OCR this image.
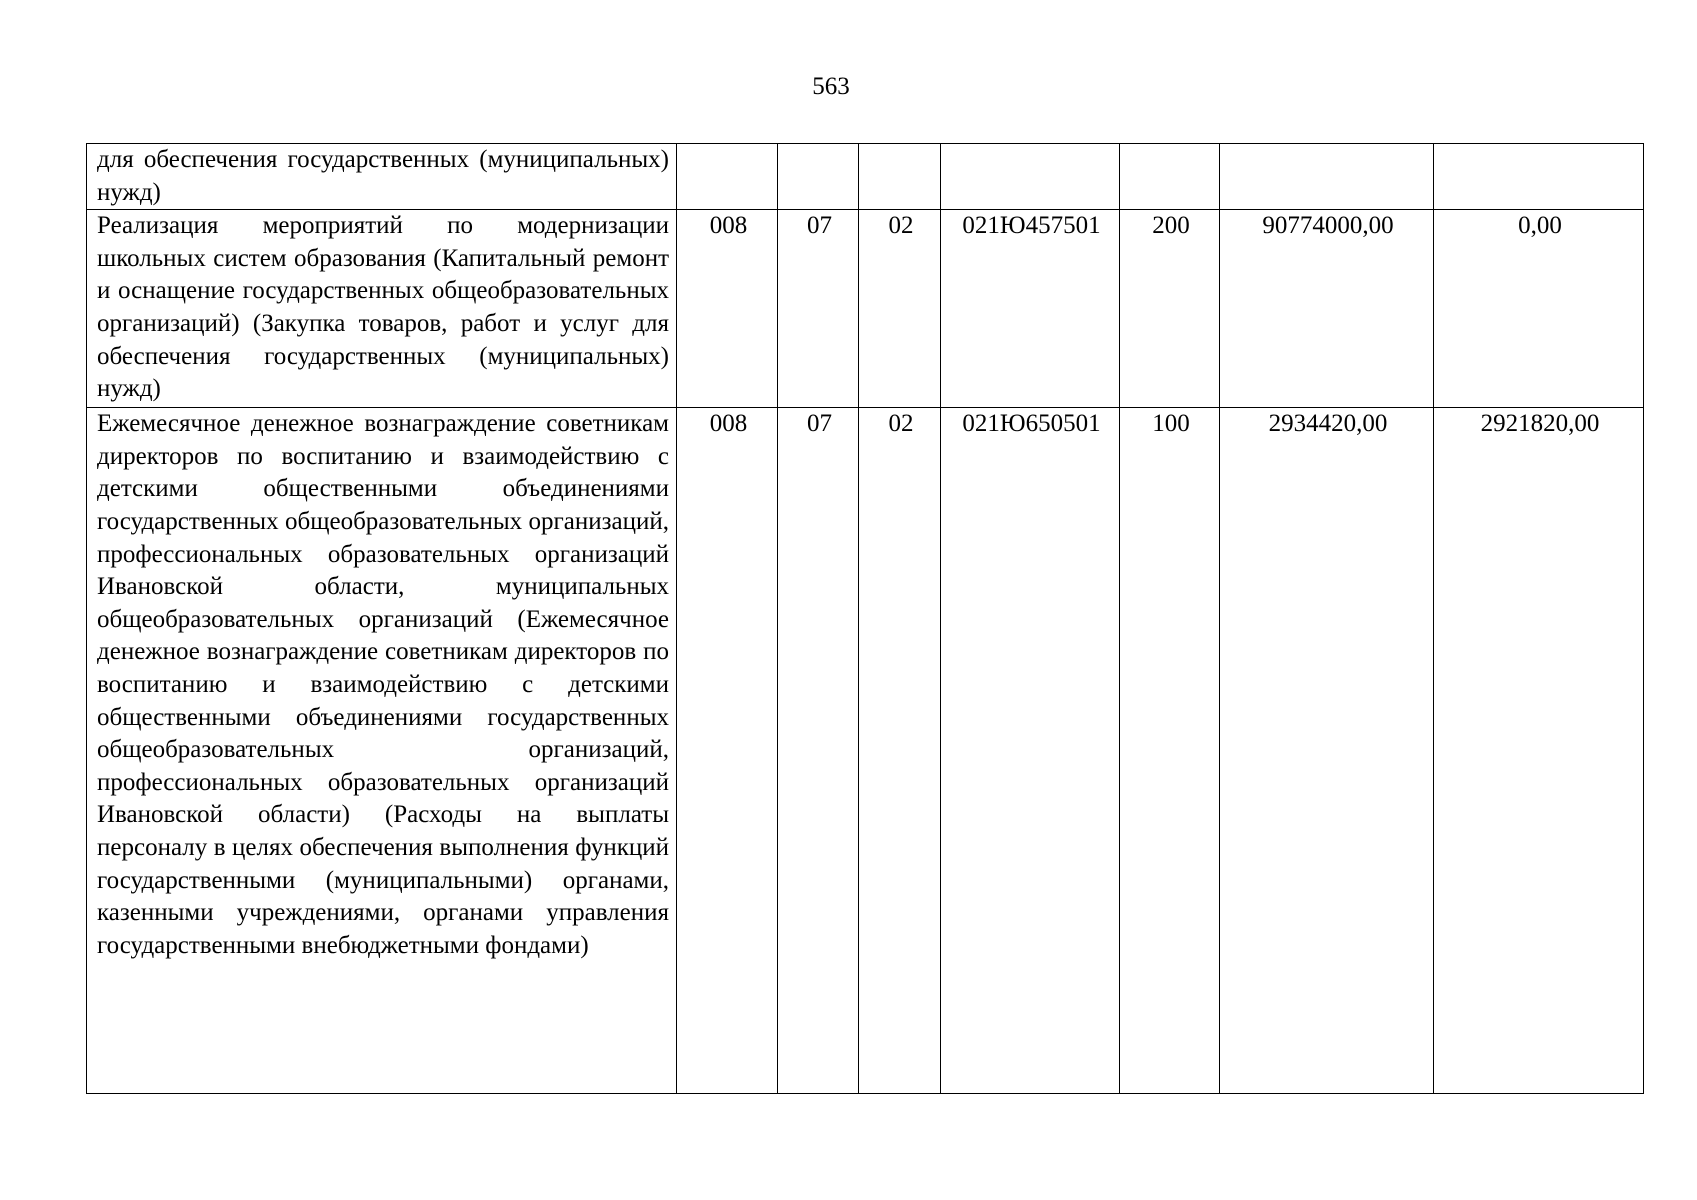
563
для обеспечения государственных (муниципальных) нужд)							
Реализация мероприятий по модернизации школьных систем образования (Капитальный ремонт и оснащение государственных общеобразовательных организаций) (Закупка товаров, работ и услуг для обеспечения государственных (муниципальных) нужд)	008	07	02	021Ю457501	200	90774000,00	0,00
Ежемесячное денежное вознаграждение советникам директоров по воспитанию и взаимодействию с детскими общественными объединениями государственных общеобразовательных организаций, профессиональных образовательных организаций Ивановской области, муниципальных общеобразовательных организаций (Ежемесячное денежное вознаграждение советникам директоров по воспитанию и взаимодействию с детскими общественными объединениями государственных общеобразовательных организаций, профессиональных образовательных организаций Ивановской области) (Расходы на выплаты персоналу в целях обеспечения выполнения функций государственными (муниципальными) органами, казенными учреждениями, органами управления государственными внебюджетными фондами)	008	07	02	021Ю650501	100	2934420,00	2921820,00
